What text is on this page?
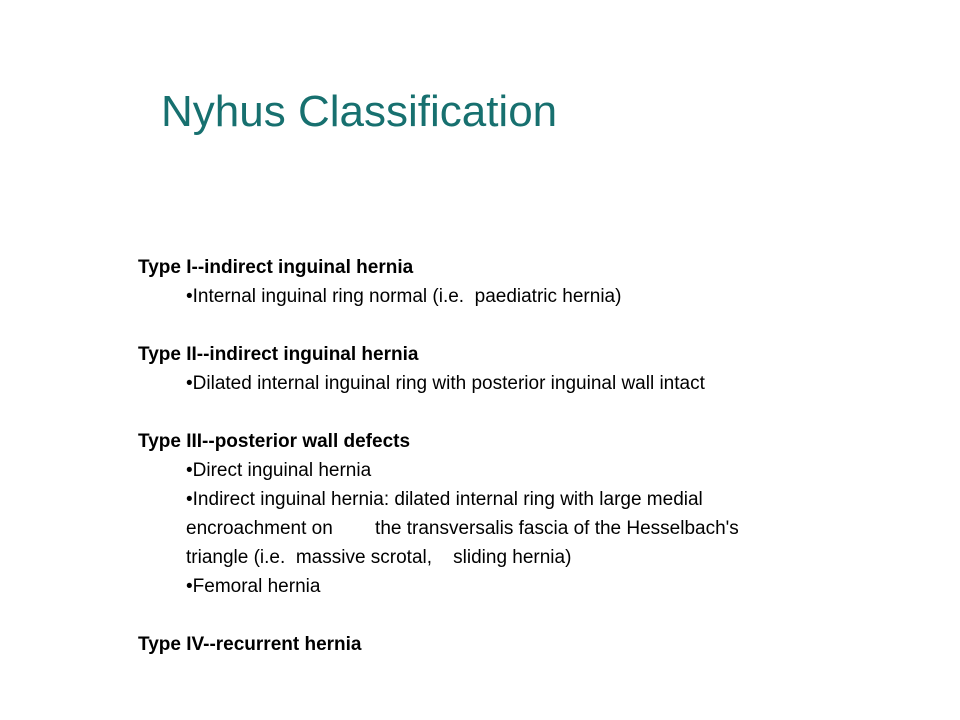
Nyhus Classification
Type I--indirect inguinal hernia
•Internal inguinal ring normal (i.e.  paediatric hernia)
Type II--indirect inguinal hernia
•Dilated internal inguinal ring with posterior inguinal wall intact
Type III--posterior wall defects
•Direct inguinal hernia
•Indirect inguinal hernia: dilated internal ring with large medial
encroachment on        the transversalis fascia of the Hesselbach's
triangle (i.e.  massive scrotal,    sliding hernia)
•Femoral hernia
Type IV--recurrent hernia
